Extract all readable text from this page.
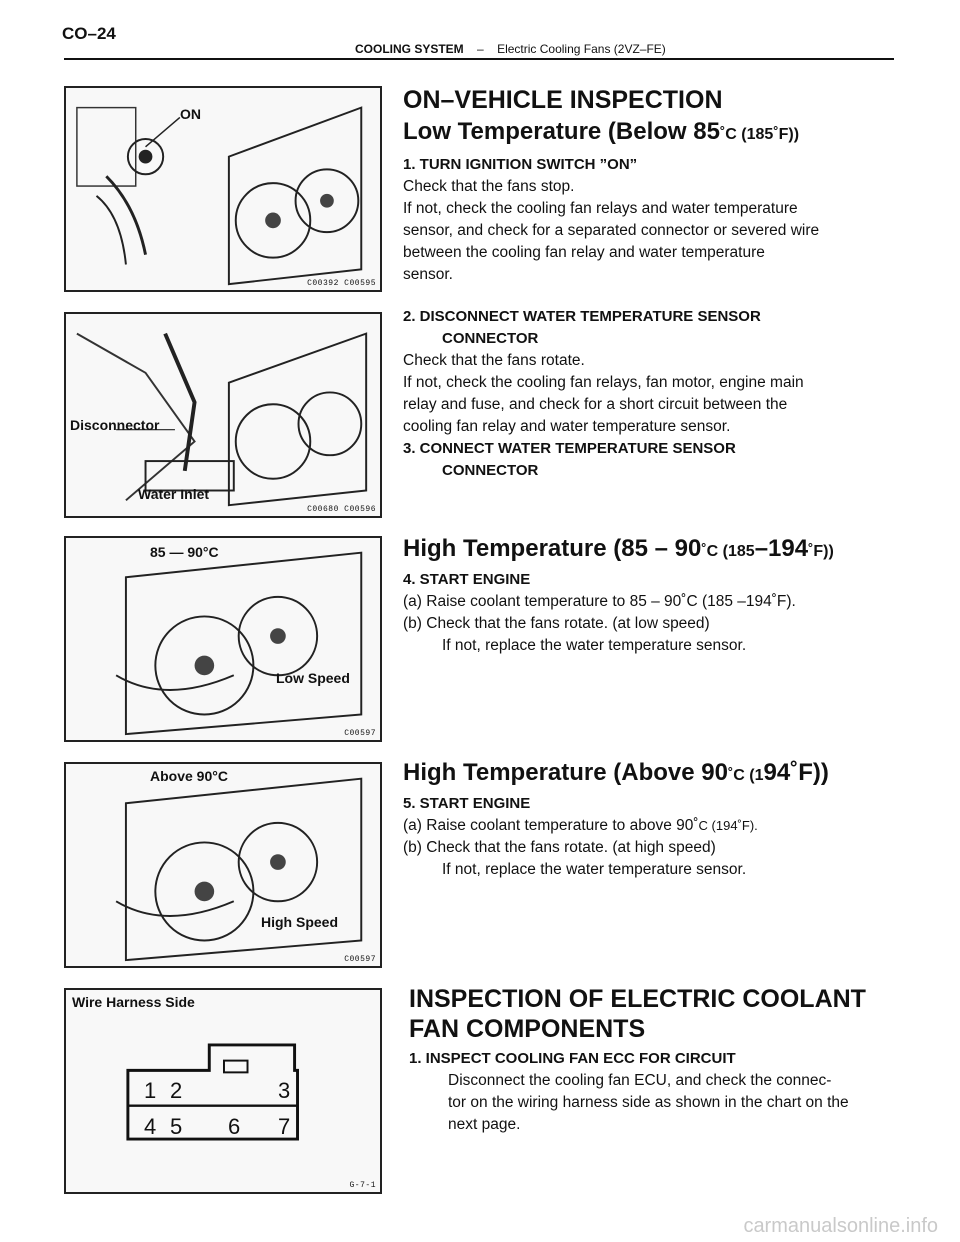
CO–24
COOLING SYSTEM – Electric Cooling Fans (2VZ–FE)
ON
C00392 C00595
Disconnector
Water Inlet
C00680 C00596
85 — 90°C
Low Speed
C00597
Above 90°C
High Speed
C00597
Wire Harness Side
1 2	3
4 5 6 7
G-7-1
ON–VEHICLE INSPECTION
Low Temperature (Below 85˚C (185˚F))
1. TURN IGNITION SWITCH ”ON”
Check that the fans stop.
If not, check the cooling fan relays and water temperature
sensor, and check for a separated connector or severed wire
between the cooling fan relay and water temperature
sensor.
2. DISCONNECT WATER TEMPERATURE SENSOR
CONNECTOR
Check that the fans rotate.
If not, check the cooling fan relays, fan motor, engine main
relay and fuse, and check for a short circuit between the
cooling fan relay and water temperature sensor.
3. CONNECT WATER TEMPERATURE SENSOR
CONNECTOR
High Temperature (85 – 90˚C (185–194˚F))
4. START ENGINE
(a) Raise coolant temperature to 85 – 90˚C (185 –194˚F).
(b) Check that the fans rotate. (at low speed)
If not, replace the water temperature sensor.
High Temperature (Above 90˚C (194˚F))
5. START ENGINE
(a) Raise coolant temperature to above 90˚C (194˚F).
(b) Check that the fans rotate. (at high speed)
If not, replace the water temperature sensor.
INSPECTION OF ELECTRIC COOLANT
FAN COMPONENTS
1. INSPECT COOLING FAN ECC FOR CIRCUIT
Disconnect the cooling fan ECU, and check the connec-
tor on the wiring harness side as shown in the chart on the
next page.
carmanualsonline.info
